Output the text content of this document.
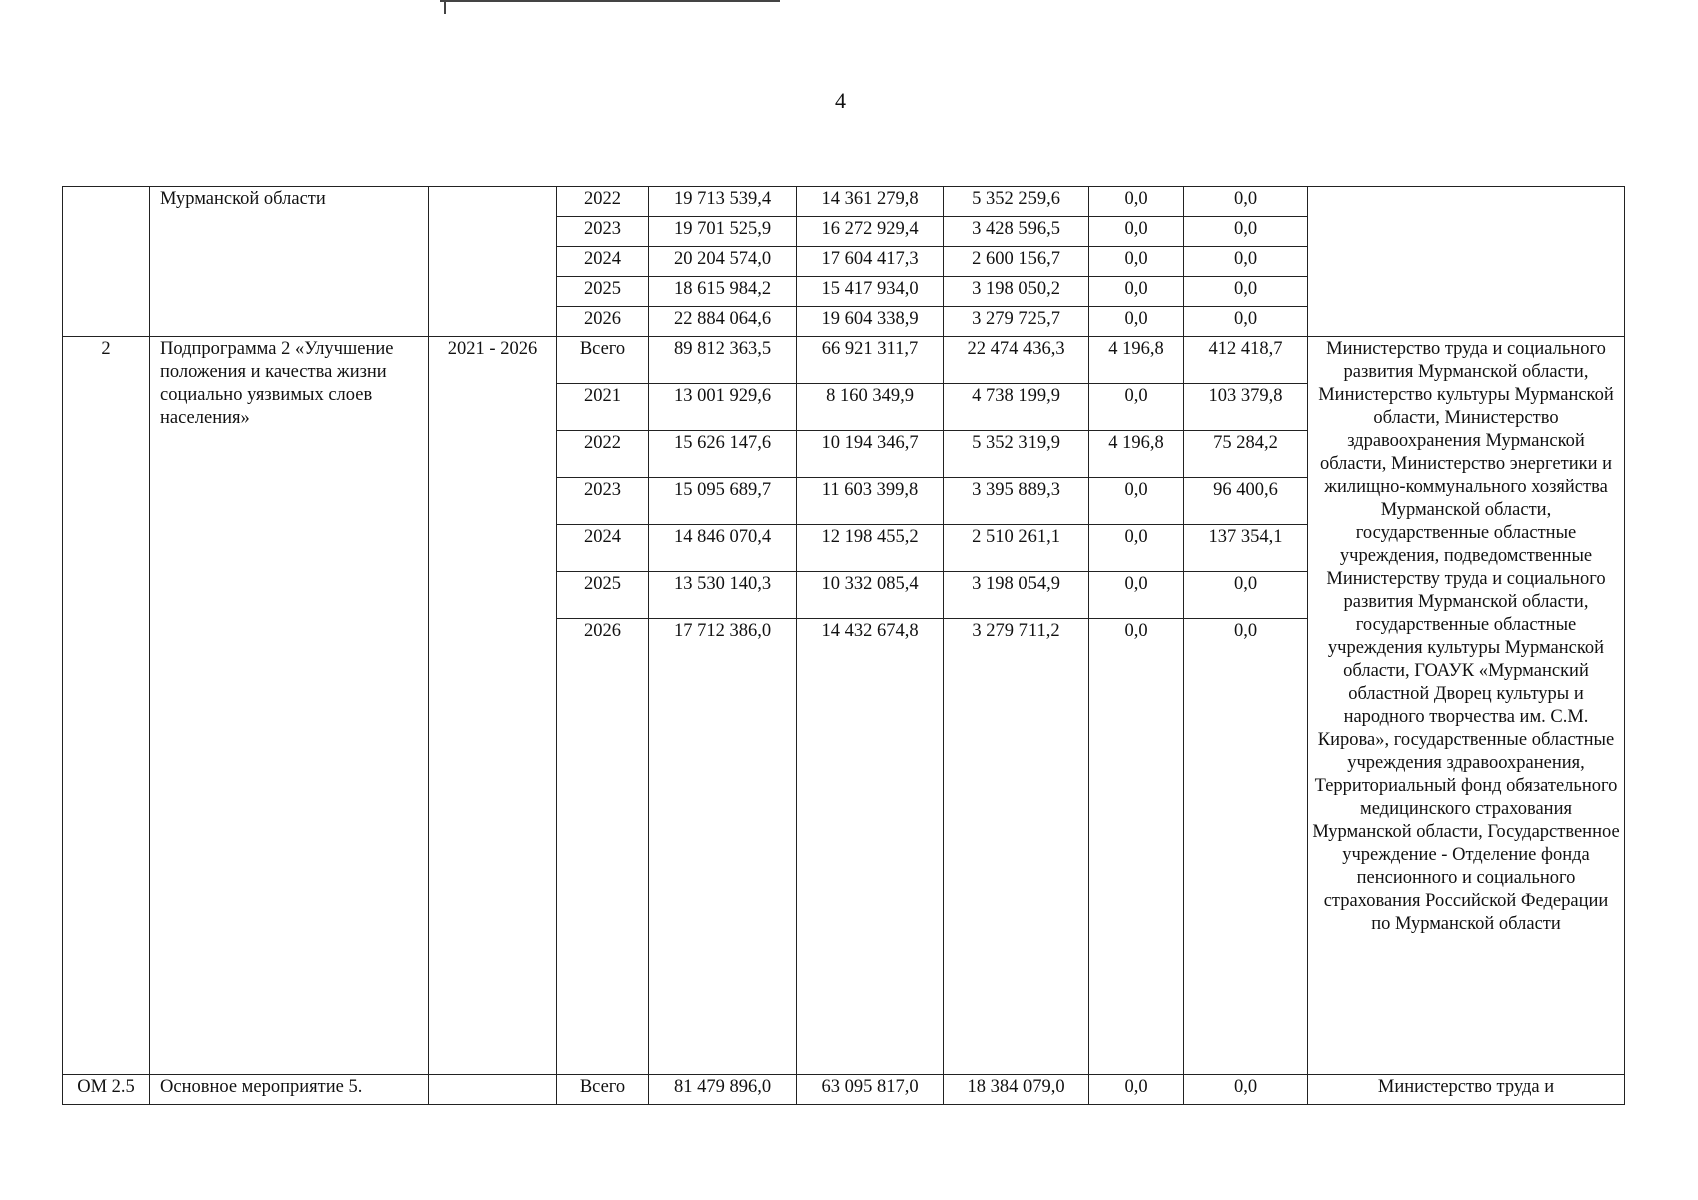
4
	Мурманской области		2022	19 713 539,4	14 361 279,8	5 352 259,6	0,0	0,0	
			2023	19 701 525,9	16 272 929,4	3 428 596,5	0,0	0,0	
			2024	20 204 574,0	17 604 417,3	2 600 156,7	0,0	0,0	
			2025	18 615 984,2	15 417 934,0	3 198 050,2	0,0	0,0	
			2026	22 884 064,6	19 604 338,9	3 279 725,7	0,0	0,0	
2	Подпрограмма 2 «Улучшение положения и качества жизни социально уязвимых слоев населения»	2021 - 2026	Всего	89 812 363,5	66 921 311,7	22 474 436,3	4 196,8	412 418,7	Министерство труда и социального развития Мурманской области, Министерство культуры Мурманской области, Министерство здравоохранения Мурманской области, Министерство энергетики и жилищно-коммунального хозяйства Мурманской области, государственные областные учреждения, подведомственные Министерству труда и социального развития Мурманской области, государственные областные учреждения культуры Мурманской области, ГОАУК «Мурманский областной Дворец культуры и народного творчества им. С.М. Кирова», государственные областные учреждения здравоохранения, Территориальный фонд обязательного медицинского страхования Мурманской области, Государственное учреждение - Отделение фонда пенсионного и социального страхования Российской Федерации по Мурманской области
			2021	13 001 929,6	8 160 349,9	4 738 199,9	0,0	103 379,8	
			2022	15 626 147,6	10 194 346,7	5 352 319,9	4 196,8	75 284,2	
			2023	15 095 689,7	11 603 399,8	3 395 889,3	0,0	96 400,6	
			2024	14 846 070,4	12 198 455,2	2 510 261,1	0,0	137 354,1	
			2025	13 530 140,3	10 332 085,4	3 198 054,9	0,0	0,0	
			2026	17 712 386,0	14 432 674,8	3 279 711,2	0,0	0,0	
ОМ 2.5	Основное мероприятие 5.		Всего	81 479 896,0	63 095 817,0	18 384 079,0	0,0	0,0	Министерство труда и
